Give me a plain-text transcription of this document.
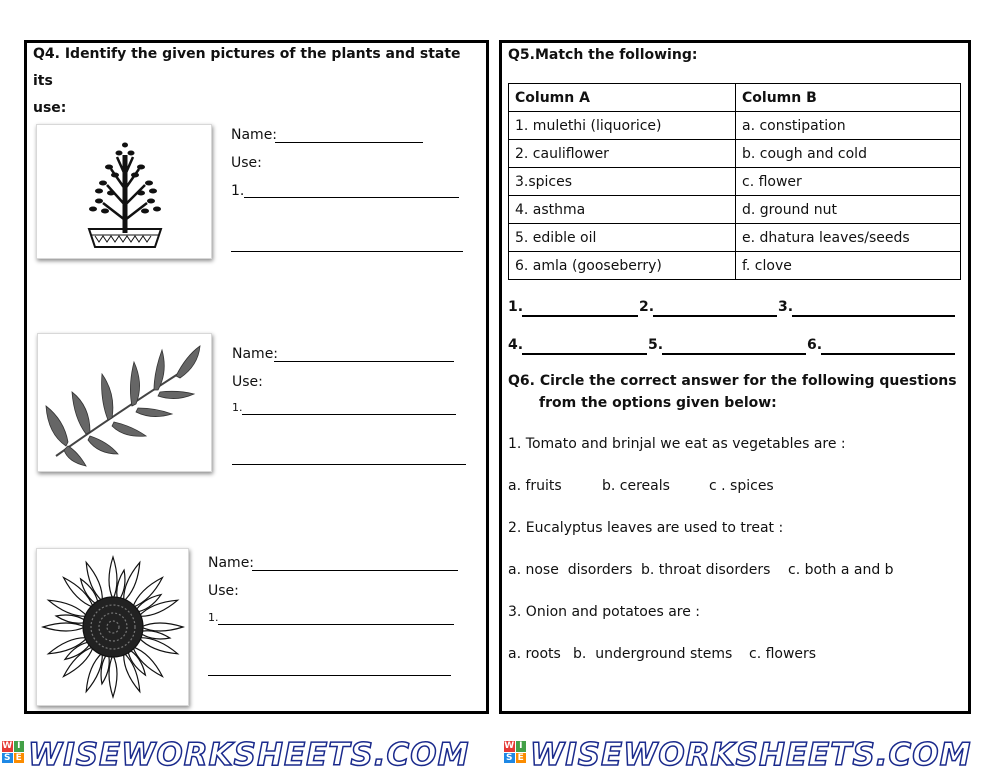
Q4. Identify the given pictures of the plants and state its
use:
Name:
Use:
1.
Name:
Use:
1.
Name:
Use:
1.
Q5.Match the following:
Column A	Column B
1. mulethi (liquorice)	a. constipation
2. cauliflower	b. cough and cold
3.spices	c. flower
4. asthma	d. ground nut
5. edible oil	e. dhatura leaves/seeds
6. amla (gooseberry)	f. clove
1.	2.	3.
4.	5.	6.
Q6. Circle the correct answer for the following questions
from the options given below:
1. Tomato and brinjal we eat as vegetables are :
a. fruits	b. cereals	c . spices
2. Eucalyptus leaves are used to treat :
a. nose  disorders b. throat disorders c. both a and b
3. Onion and potatoes are :
a. roots b.  underground stems c. flowers
W I
S E WISEWORKSHEETS.COM	W I
S E WISEWORKSHEETS.COM
